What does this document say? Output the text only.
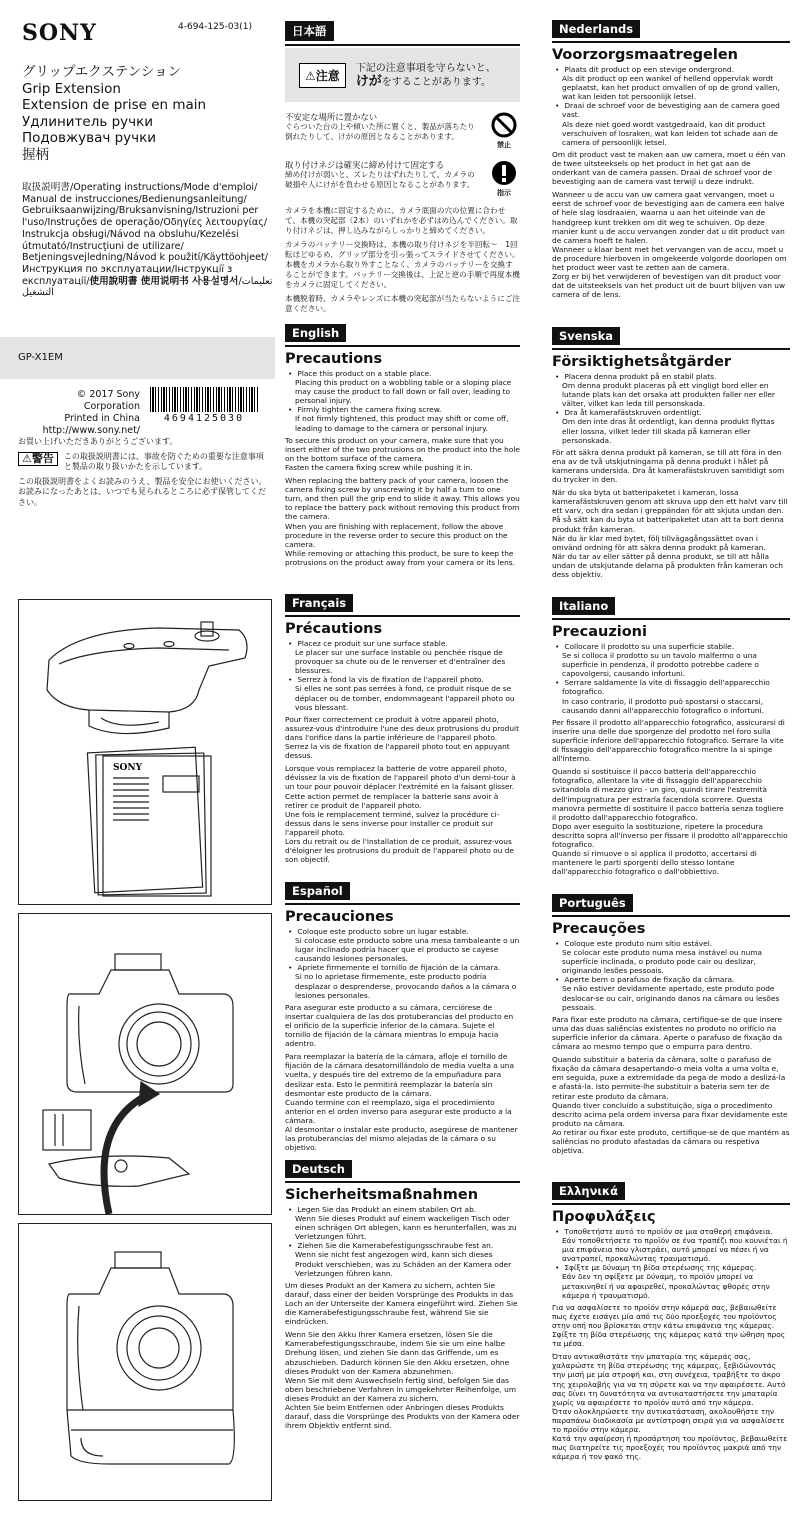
SONY	4-694-125-03(1)
グリップエクステンション
Grip Extension
Extension de prise en main
Удлинитель ручки
Подовжувач ручки
握柄
取扱説明書/Operating instructions/Mode d'emploi/ Manual de instrucciones/Bedienungsanleitung/ Gebruiksaanwijzing/Bruksanvisning/Istruzioni per l'uso/Instruções de operação/Οδηγίες λειτουργίας/ Instrukcja obsługi/Návod na obsluhu/Kezelési útmutató/Instrucţiuni de utilizare/ Betjeningsvejledning/Návod k použití/Käyttöohjeet/ Инструкция по эксплуатации/Інструкції з експлуатації/使用說明書 使用说明书 사용설명서/تعليمات التشغيل
GP-X1EM
© 2017 Sony Corporation
Printed in China
http://www.sony.net/
4694125030
お買い上げいただきありがとうございます。
⚠警告	この取扱説明書には、事故を防ぐための重要な注意事項と製品の取り扱いかたを示しています。
この取扱説明書をよくお読みのうえ、製品を安全にお使いください。お読みになったあとは、いつでも見られるところに必ず保管してください。
SONY
日本語
⚠注意
下記の注意事項を守らないと、
けがをすることがあります。
不安定な場所に置かない
ぐらついた台の上や傾いた所に置くと、製品が落ちたり倒れたりして、けがの原因となることがあります。
禁止
取り付けネジは確実に締め付けて固定する
締め付けが弱いと、ズレたりはずれたりして、カメラの破損や人にけがを負わせる原因となることがあります。
指示

カメラを本機に固定するために、カメラ底面の穴の位置に合わせて、本機の突起部（2本）のいずれかを必ずはめ込んでください。取り付けネジは、押し込みながらしっかりと締めてください。

カメラのバッテリー交換時は、本機の取り付けネジを半回転〜　1回転ほどゆるめ、グリップ部分を引っ張ってスライドさせてください。本機をカメラから取り外すことなく、カメラのバッテリーを交換することができます。バッテリー交換後は、上記と逆の手順で再度本機をカメラに固定してください。

本機脱着時、カメラやレンズに本機の突起部が当たらないようにご注意ください。

English
Precautions
• Place this product on a stable place.
Placing this product on a wobbling table or a sloping place may cause the product to fall down or fall over, leading to personal injury.
• Firmly tighten the camera fixing screw.
If not firmly tightened, this product may shift or come off, leading to damage to the camera or personal injury.

To secure this product on your camera, make sure that you insert either of the two protrusions on the product into the hole on the bottom surface of the camera.
Fasten the camera fixing screw while pushing it in.

When replacing the battery pack of your camera, loosen the camera fixing screw by unscrewing it by half a turn to one turn, and then pull the grip end to slide it away. This allows you to replace the battery pack without removing this product from the camera.
When you are finishing with replacement, follow the above procedure in the reverse order to secure this product on the camera.
While removing or attaching this product, be sure to keep the protrusions on the product away from your camera or its lens.

Français
Précautions
• Placez ce produit sur une surface stable.
Le placer sur une surface instable ou penchée risque de provoquer sa chute ou de le renverser et d'entraîner des blessures.
• Serrez à fond la vis de fixation de l'appareil photo.
Si elles ne sont pas serrées à fond, ce produit risque de se déplacer ou de tomber, endommageant l'appareil photo ou vous blessant.

Pour fixer correctement ce produit à votre appareil photo, assurez-vous d'introduire l'une des deux protrusions du produit dans l'orifice dans la partie inférieure de l'appareil photo. Serrez la vis de fixation de l'appareil photo tout en appuyant dessus.

Lorsque vous remplacez la batterie de votre appareil photo, dévissez la vis de fixation de l'appareil photo d'un demi-tour à un tour pour pouvoir déplacer l'extrémité en la faisant glisser. Cette action permet de remplacer la batterie sans avoir à retirer ce produit de l'appareil photo.
Une fois le remplacement terminé, suivez la procédure ci-dessus dans le sens inverse pour installer ce produit sur l'appareil photo.
Lors du retrait ou de l'installation de ce produit, assurez-vous d'éloigner les protrusions du produit de l'appareil photo ou de son objectif.

Español
Precauciones
• Coloque este producto sobre un lugar estable.
Si colocase este producto sobre una mesa tambaleante o un lugar inclinado podría hacer que el producto se cayese causando lesiones personales.
• Apriete firmemente el tornillo de fijación de la cámara.
Si no lo aprietase firmemente, este producto podría desplazar o desprenderse, provocando daños a la cámara o lesiones personales.

Para asegurar este producto a su cámara, cerciórese de insertar cualquiera de las dos protuberancias del producto en el orificio de la superficie inferior de la cámara. Sujete el tornillo de fijación de la cámara mientras lo empuja hacia adentro.

Para reemplazar la batería de la cámara, afloje el tornillo de fijación de la cámara desatornillándolo de media vuelta a una vuelta, y después tire del extremo de la empuñadura para deslizar esta. Esto le permitirá reemplazar la batería sin desmontar este producto de la cámara.
Cuando termine con el reemplazo, siga el procedimiento anterior en el orden inverso para asegurar este producto a la cámara.
Al desmontar o instalar este producto, asegúrese de mantener las protuberancias del mismo alejadas de la cámara o su objetivo.

Deutsch
Sicherheitsmaßnahmen
• Legen Sie das Produkt an einem stabilen Ort ab.
Wenn Sie dieses Produkt auf einem wackeligen Tisch oder einen schrägen Ort ablegen, kann es herunterfallen, was zu Verletzungen führt.
• Ziehen Sie die Kamerabefestigungsschraube fest an.
Wenn sie nicht fest angezogen wird, kann sich dieses Produkt verschieben, was zu Schäden an der Kamera oder Verletzungen führen kann.

Um dieses Produkt an der Kamera zu sichern, achten Sie darauf, dass einer der beiden Vorsprünge des Produkts in das Loch an der Unterseite der Kamera eingeführt wird. Ziehen Sie die Kamerabefestigungsschraube fest, während Sie sie eindrücken.

Wenn Sie den Akku Ihrer Kamera ersetzen, lösen Sie die Kamerabefestigungsschraube, indem Sie sie um eine halbe Drehung lösen, und ziehen Sie dann das Griffende, um es abzuschieben. Dadurch können Sie den Akku ersetzen, ohne dieses Produkt von der Kamera abzunehmen.
Wenn Sie mit dem Auswechseln fertig sind, befolgen Sie das oben beschriebene Verfahren in umgekehrter Reihenfolge, um dieses Produkt an der Kamera zu sichern.
Achten Sie beim Entfernen oder Anbringen dieses Produkts darauf, dass die Vorsprünge des Produkts von der Kamera oder ihrem Objektiv entfernt sind.

Nederlands
Voorzorgsmaatregelen
• Plaats dit product op een stevige ondergrond.
Als dit product op een wankel of hellend oppervlak wordt geplaatst, kan het product omvallen of op de grond vallen, wat kan leiden tot persoonlijk letsel.
• Draai de schroef voor de bevestiging aan de camera goed vast.
Als deze niet goed wordt vastgedraaid, kan dit product verschuiven of losraken, wat kan leiden tot schade aan de camera of persoonlijk letsel.

Om dit product vast te maken aan uw camera, moet u één van de twee uitsteeksels op het product in het gat aan de onderkant van de camera passen. Draai de schroef voor de bevestiging aan de camera vast terwijl u deze indrukt.

Wanneer u de accu van uw camera gaat vervangen, moet u eerst de schroef voor de bevestiging aan de camera een halve of hele slag losdraaien, waarna u aan het uiteinde van de handgreep kunt trekken om dit weg te schuiven. Op deze manier kunt u de accu vervangen zonder dat u dit product van de camera hoeft te halen.
Wanneer u klaar bent met het vervangen van de accu, moet u de procedure hierboven in omgekeerde volgorde doorlopen om het product weer vast te zetten aan de camera.
Zorg er bij het verwijderen of bevestigen van dit product voor dat de uitsteeksels van het product uit de buurt blijven van uw camera of de lens.

Svenska
Försiktighetsåtgärder
• Placera denna produkt på en stabil plats.
Om denna produkt placeras på ett vingligt bord eller en lutande plats kan det orsaka att produkten faller ner eller välter, vilket kan leda till personskada.
• Dra åt kamerafästskruven ordentligt.
Om den inte dras åt ordentligt, kan denna produkt flyttas eller lossna, vilket leder till skada på kameran eller personskada.

För att säkra denna produkt på kameran, se till att föra in den ena av de två utskjutningarna på denna produkt i hålet på kamerans undersida. Dra åt kamerafästskruven samtidigt som du trycker in den.

När du ska byta ut batteripaketet i kameran, lossa kamerafästskruven genom att skruva upp den ett halvt varv till ett varv, och dra sedan i greppändan för att skjuta undan den. På så sätt kan du byta ut batteripaketet utan att ta bort denna produkt från kameran.
När du är klar med bytet, följ tillvägagångssättet ovan i omvänd ordning för att säkra denna produkt på kameran.
När du tar av eller sätter på denna produkt, se till att hålla undan de utskjutande delarna på produkten från kameran och dess objektiv.

Italiano
Precauzioni
• Collocare il prodotto su una superficie stabile.
Se si colloca il prodotto su un tavolo malfermo o una superficie in pendenza, il prodotto potrebbe cadere o capovolgersi, causando infortuni.
• Serrare saldamente la vite di fissaggio dell'apparecchio fotografico.
In caso contrario, il prodotto può spostarsi o staccarsi, causando danni all'apparecchio fotografico o infortuni.

Per fissare il prodotto all'apparecchio fotografico, assicurarsi di inserire una delle due sporgenze del prodotto nel foro sulla superficie inferiore dell'apparecchio fotografico. Serrare la vite di fissaggio dell'apparecchio fotografico mentre la si spinge all'interno.

Quando si sostituisce il pacco batteria dell'apparecchio fotografico, allentare la vite di fissaggio dell'apparecchio svitandola di mezzo giro - un giro, quindi tirare l'estremità dell'impugnatura per estrarla facendola scorrere. Questa manovra permette di sostituire il pacco batteria senza togliere il prodotto dall'apparecchio fotografico.
Dopo aver eseguito la sostituzione, ripetere la procedura descritta sopra all'inverso per fissare il prodotto all'apparecchio fotografico.
Quando si rimuove o si applica il prodotto, accertarsi di mantenere le parti sporgenti dello stesso lontane dall'apparecchio fotografico o dall'obbiettivo.

Português
Precauções
• Coloque este produto num sítio estável.
Se colocar este produto numa mesa instável ou numa superfície inclinada, o produto pode cair ou deslizar, originando lesões pessoais.
• Aperte bem o parafuso de fixação da câmara.
Se não estiver devidamente apertado, este produto pode deslocar-se ou cair, originando danos na câmara ou lesões pessoais.

Para fixar este produto na câmara, certifique-se de que insere uma das duas saliências existentes no produto no orifício na superfície inferior da câmara. Aperte o parafuso de fixação da câmara ao mesmo tempo que o empurra para dentro.

Quando substituir a bateria da câmara, solte o parafuso de fixação da câmara desapertando-o meia volta a uma volta e, em seguida, puxe a extremidade da pega de modo a deslizá-la e afastá-la. Isto permite-lhe substituir a bateria sem ter de retirar este produto da câmara.
Quando tiver concluído a substituição, siga o procedimento descrito acima pela ordem inversa para fixar devidamente este produto na câmara.
Ao retirar ou fixar este produto, certifique-se de que mantém as saliências no produto afastadas da câmara ou respetiva objetiva.

Ελληνικά
Προφυλάξεις
• Τοποθετήστε αυτό το προϊόν σε μια σταθερή επιφάνεια.
Εάν τοποθετήσετε το προϊόν σε ένα τραπέζι που κουνιέται ή μια επιφάνεια που γλιστράει, αυτό μπορεί να πέσει ή να ανατραπεί, προκαλώντας τραυματισμό.
• Σφίξτε με δύναμη τη βίδα στερέωσης της κάμερας.
Εάν δεν τη σφίξετε με δύναμη, το προϊόν μπορεί να μετακινηθεί ή να αφαιρεθεί, προκαλώντας φθορές στην κάμερα ή τραυματισμό.

Για να ασφαλίσετε το προϊόν στην κάμερά σας, βεβαιωθείτε πως έχετε εισάγει μία από τις δύο προεξοχές του προϊόντος στην οπή που βρίσκεται στην κάτω επιφάνεια της κάμερας. Σφίξτε τη βίδα στερέωσης της κάμερας κατά την ώθηση προς τα μέσα.

Όταν αντικαθιστάτε την μπαταρία της κάμεράς σας, χαλαρώστε τη βίδα στερέωσης της κάμερας, ξεβιδώνοντάς την μισή με μία στροφή και, στη συνέχεια, τραβήξτε το άκρο της χειρολαβής για να τη σύρετε και να την αφαιρέσετε. Αυτό σας δίνει τη δυνατότητα να αντικαταστήσετε την μπαταρία χωρίς να αφαιρέσετε το προϊόν αυτό από την κάμερα.
Όταν ολοκληρώσετε την αντικατάσταση, ακολουθήστε την παραπάνω διαδικασία με αντίστροφη σειρά για να ασφαλίσετε το προϊόν στην κάμερα.
Κατά την αφαίρεση ή προσάρτηση του προϊόντος, βεβαιωθείτε πως διατηρείτε τις προεξοχές του προϊόντος μακριά από την κάμερα ή τον φακό της.
